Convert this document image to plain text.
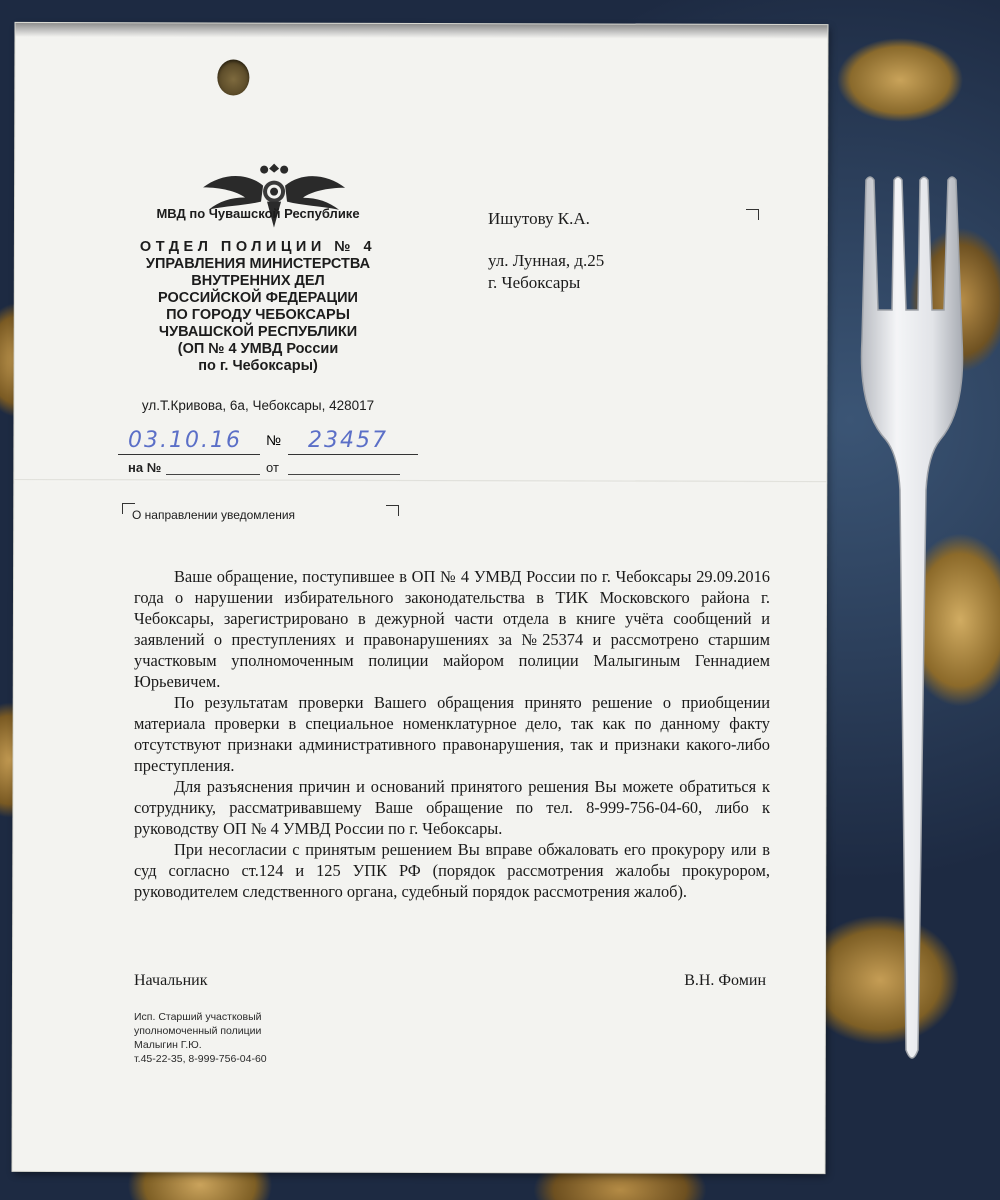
МВД по Чувашской Республике
ОТДЕЛ ПОЛИЦИИ № 4
УПРАВЛЕНИЯ МИНИСТЕРСТВА
ВНУТРЕННИХ ДЕЛ
РОССИЙСКОЙ ФЕДЕРАЦИИ
ПО ГОРОДУ ЧЕБОКСАРЫ
ЧУВАШСКОЙ РЕСПУБЛИКИ
(ОП № 4 УМВД России
по г. Чебоксары)
ул.Т.Кривова, 6а, Чебоксары, 428017
03.10.16 № 23457
на №	от
О направлении уведомления
Ишутову К.А.
ул. Лунная, д.25
г. Чебоксары

Ваше обращение, поступившее в ОП № 4 УМВД России по г. Чебоксары 29.09.2016 года о нарушении избирательного законодательства в ТИК Московского района г. Чебоксары, зарегистрировано в дежурной части отдела в книге учёта сообщений и заявлений о преступлениях и правонарушениях за №25374 и рассмотрено старшим участковым уполномоченным полиции майором полиции Малыгиным Геннадием Юрьевичем.

По результатам проверки Вашего обращения принято решение о приобщении материала проверки в специальное номенклатурное дело, так как по данному факту отсутствуют признаки административного правонарушения, так и признаки какого-либо преступления.

Для разъяснения причин и оснований принятого решения Вы можете обратиться к сотруднику, рассматривавшему Ваше обращение по тел. 8-999-756-04-60, либо к руководству ОП № 4 УМВД России по г. Чебоксары.

При несогласии с принятым решением Вы вправе обжаловать его прокурору или в суд согласно ст.124 и 125 УПК РФ (порядок рассмотрения жалобы прокурором, руководителем следственного органа, судебный порядок рассмотрения жалоб).

Начальник	В.Н. Фомин
Исп. Старший участковый
уполномоченный полиции
Малыгин Г.Ю.
т.45-22-35, 8-999-756-04-60
